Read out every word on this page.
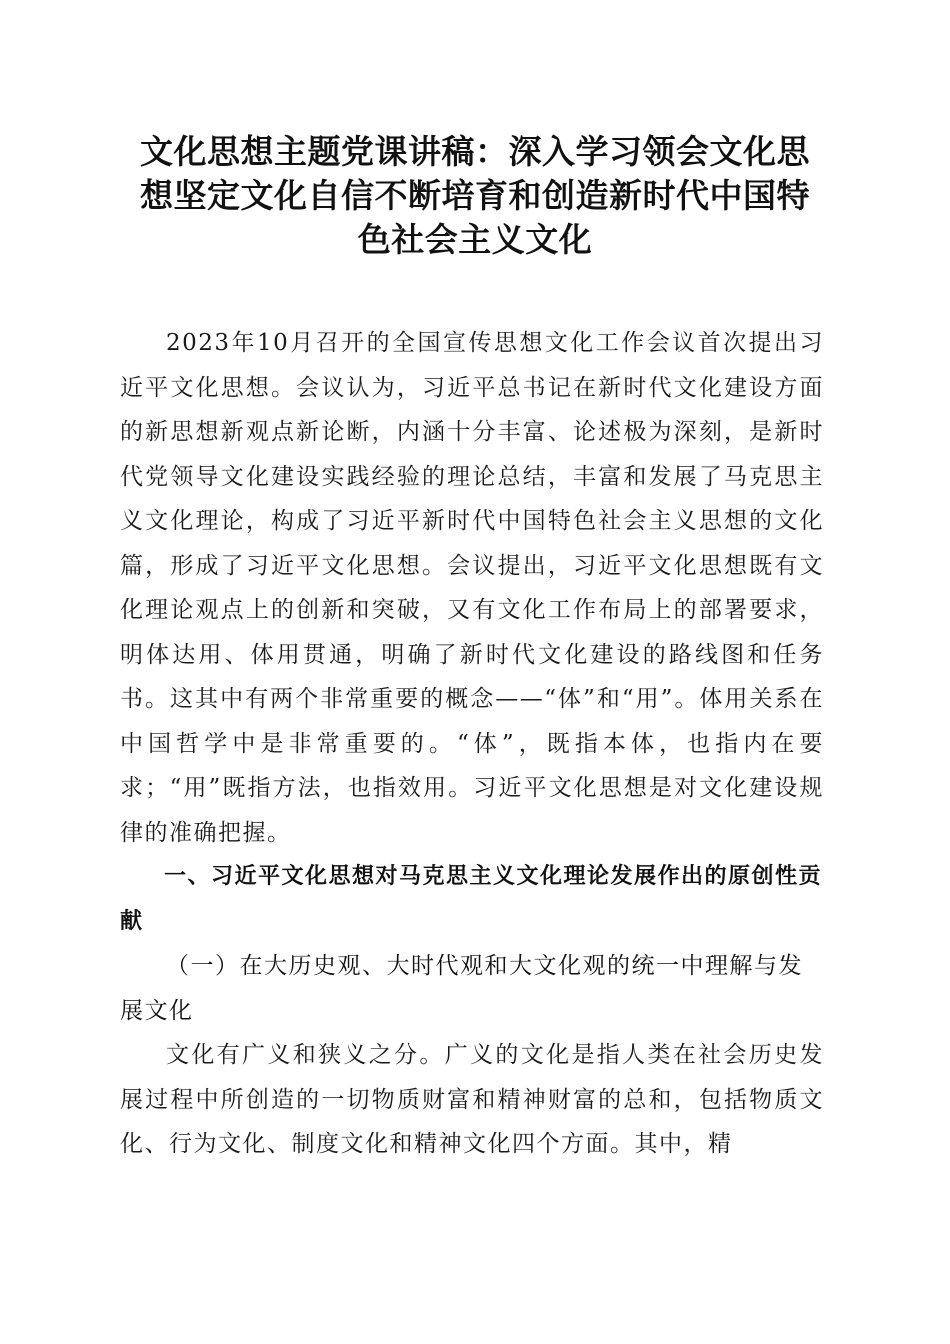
文化思想主题党课讲稿：深入学习领会文化思
想坚定文化自信不断培育和创造新时代中国特
色社会主义文化

2023年10月召开的全国宣传思想文化工作会议首次提出习近平文化思想。会议认为，习近平总书记在新时代文化建设方面的新思想新观点新论断，内涵十分丰富、论述极为深刻，是新时代党领导文化建设实践经验的理论总结，丰富和发展了马克思主义文化理论，构成了习近平新时代中国特色社会主义思想的文化篇，形成了习近平文化思想。会议提出，习近平文化思想既有文化理论观点上的创新和突破，又有文化工作布局上的部署要求，明体达用、体用贯通，明确了新时代文化建设的路线图和任务书。这其中有两个非常重要的概念——“体”和“用”。体用关系在中国哲学中是非常重要的。“体”，既指本体，也指内在要求；“用”既指方法，也指效用。习近平文化思想是对文化建设规律的准确把握。

一、习近平文化思想对马克思主义文化理论发展作出的原创性贡献
（一）在大历史观、大时代观和大文化观的统一中理解与发展文化

文化有广义和狭义之分。广义的文化是指人类在社会历史发展过程中所创造的一切物质财富和精神财富的总和，包括物质文化、行为文化、制度文化和精神文化四个方面。其中，精
